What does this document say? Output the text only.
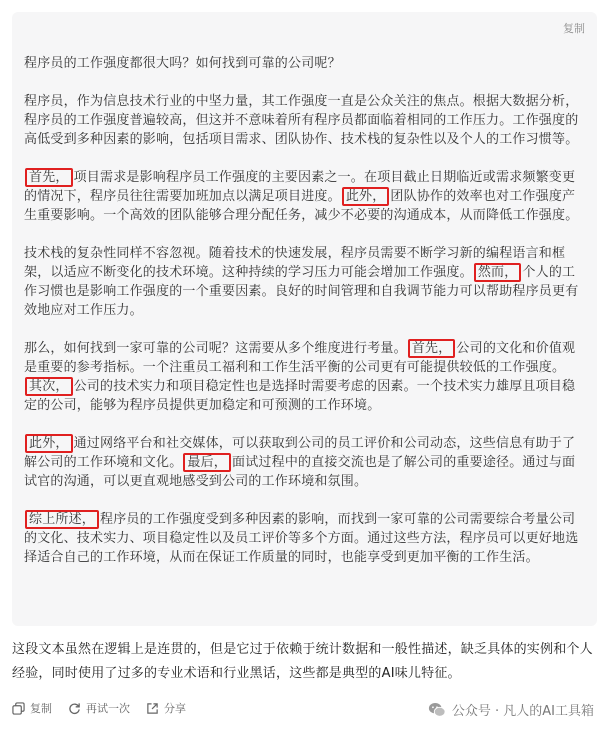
复制

程序员的工作强度都很大吗？如何找到可靠的公司呢？

程序员，作为信息技术行业的中坚力量，其工作强度一直是公众关注的焦点。根据大数据分析，程序员的工作强度普遍较高，但这并不意味着所有程序员都面临着相同的工作压力。工作强度的高低受到多种因素的影响，包括项目需求、团队协作、技术栈的复杂性以及个人的工作习惯等。

首先， 项目需求是影响程序员工作强度的主要因素之一。在项目截止日期临近或需求频繁变更的情况下，程序员往往需要加班加点以满足项目进度。 此外， 团队协作的效率也对工作强度产生重要影响。一个高效的团队能够合理分配任务，减少不必要的沟通成本，从而降低工作强度。

技术栈的复杂性同样不容忽视。随着技术的快速发展，程序员需要不断学习新的编程语言和框架，以适应不断变化的技术环境。这种持续的学习压力可能会增加工作强度。 然而， 个人的工作习惯也是影响工作强度的一个重要因素。良好的时间管理和自我调节能力可以帮助程序员更有效地应对工作压力。

那么，如何找到一家可靠的公司呢？这需要从多个维度进行考量。 首先， 公司的文化和价值观是重要的参考指标。一个注重员工福利和工作生活平衡的公司更有可能提供较低的工作强度。其次， 公司的技术实力和项目稳定性也是选择时需要考虑的因素。一个技术实力雄厚且项目稳定的公司，能够为程序员提供更加稳定和可预测的工作环境。

此外， 通过网络平台和社交媒体，可以获取到公司的员工评价和公司动态，这些信息有助于了解公司的工作环境和文化。 最后， 面试过程中的直接交流也是了解公司的重要途径。通过与面试官的沟通，可以更直观地感受到公司的工作环境和氛围。

综上所述， 程序员的工作强度受到多种因素的影响，而找到一家可靠的公司需要综合考量公司的文化、技术实力、项目稳定性以及员工评价等多个方面。通过这些方法，程序员可以更好地选择适合自己的工作环境，从而在保证工作质量的同时，也能享受到更加平衡的工作生活。

这段文本虽然在逻辑上是连贯的，但是它过于依赖于统计数据和一般性描述，缺乏具体的实例和个人经验，同时使用了过多的专业术语和行业黑话，这些都是典型的AI味儿特征。
复制	再试一次	分享	公众号 · 凡人的AI工具箱
